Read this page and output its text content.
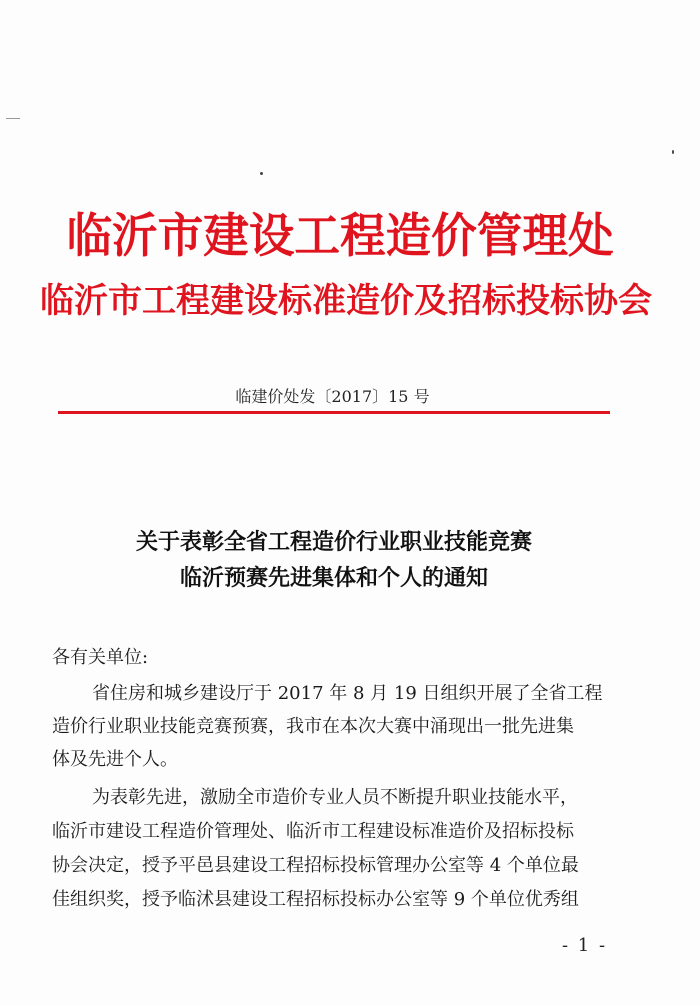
临沂市建设工程造价管理处
临沂市工程建设标准造价及招标投标协会
临建价处发〔2017〕15 号
关于表彰全省工程造价行业职业技能竞赛
临沂预赛先进集体和个人的通知
各有关单位:
省住房和城乡建设厅于 2017 年 8 月 19 日组织开展了全省工程
造价行业职业技能竞赛预赛，我市在本次大赛中涌现出一批先进集
体及先进个人。
为表彰先进，激励全市造价专业人员不断提升职业技能水平，
临沂市建设工程造价管理处、临沂市工程建设标准造价及招标投标
协会决定，授予平邑县建设工程招标投标管理办公室等 4 个单位最
佳组织奖，授予临沭县建设工程招标投标办公室等 9 个单位优秀组
- 1 -
